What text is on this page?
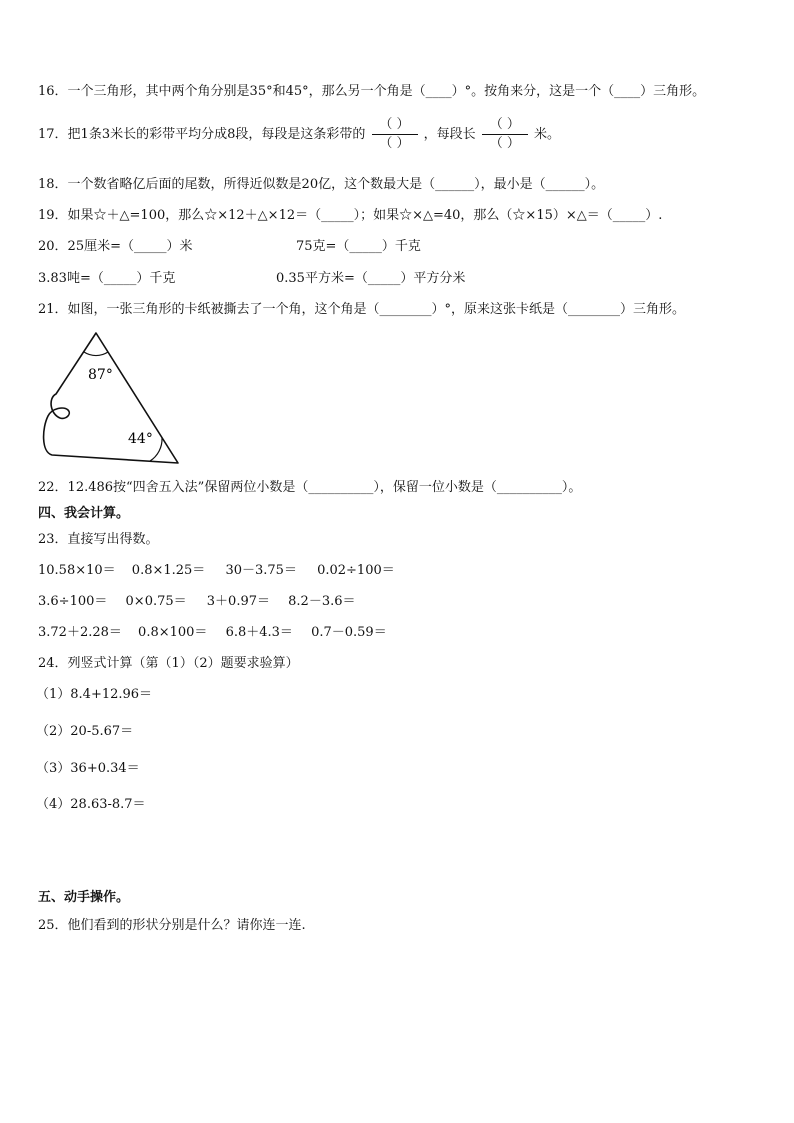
16．一个三角形，其中两个角分别是35°和45°，那么另一个角是（____）°。按角来分，这是一个（____）三角形。
17．把1条3米长的彩带平均分成8段，每段是这条彩带的 $\frac{( )}{( )}$ ，每段长 $\frac{( )}{( )}$ 米。
18．一个数省略亿后面的尾数，所得近似数是20亿，这个数最大是（______），最小是（______）。
19．如果☆＋△=100，那么☆×12＋△×12＝（_____）；如果☆×△=40，那么（☆×15）×△＝（_____）.
20．25厘米=（_____）米	75克=（_____）千克
3.83吨=（_____）千克	0.35平方米=（_____）平方分米
21．如图，一张三角形的卡纸被撕去了一个角，这个角是（________）°，原来这张卡纸是（________）三角形。
87°
44°
22．12.486按“四舍五入法”保留两位小数是（__________），保留一位小数是（__________）。
四、我会计算。
23．直接写出得数。
10.58×10＝ 0.8×1.25＝ 30－3.75＝ 0.02÷100＝
3.6÷100＝ 0×0.75＝ 3＋0.97＝ 8.2－3.6＝
3.72＋2.28＝ 0.8×100＝ 6.8＋4.3＝ 0.7－0.59＝
24．列竖式计算（第（1）（2）题要求验算）
（1）8.4+12.96＝
（2）20-5.67＝
（3）36+0.34＝
（4）28.63-8.7＝
五、动手操作。
25．他们看到的形状分别是什么？请你连一连.
